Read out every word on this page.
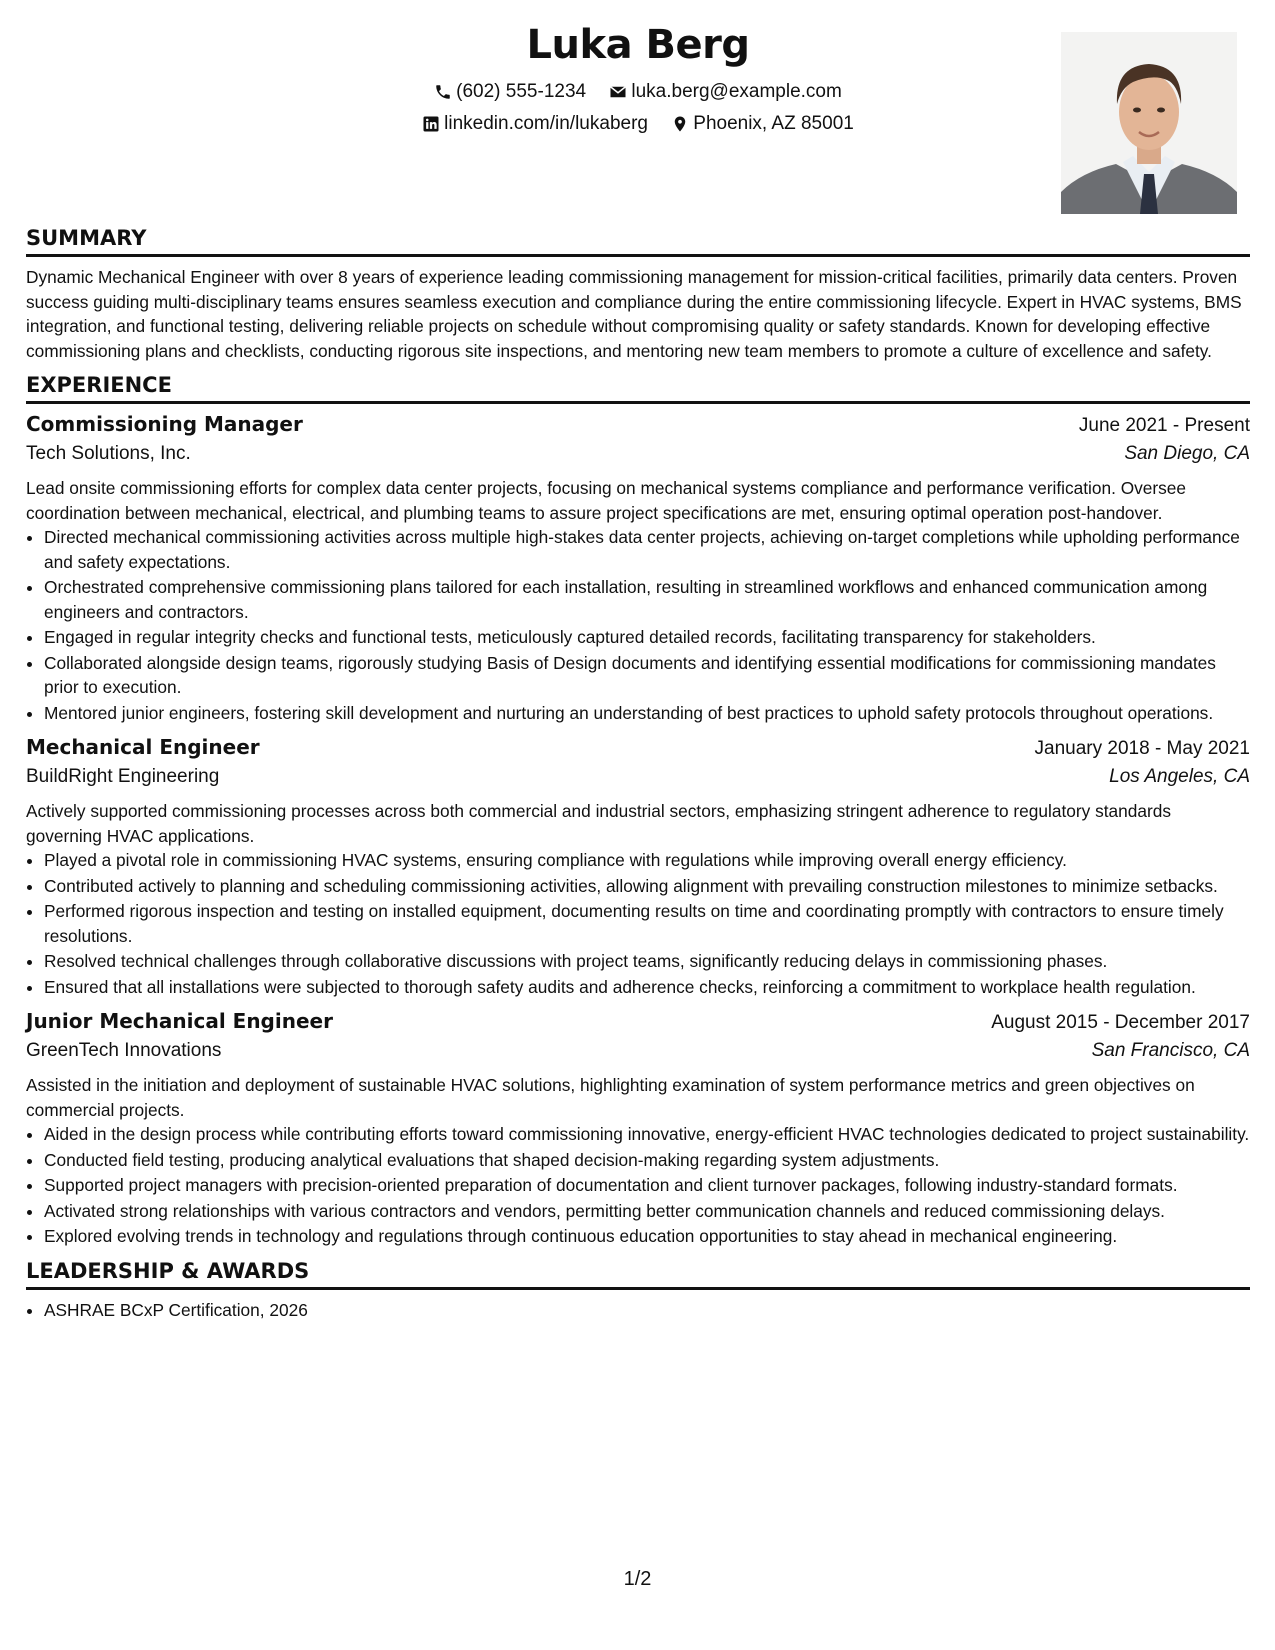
Luka Berg
(602) 555-1234
luka.berg@example.com
linkedin.com/in/lukaberg
Phoenix, AZ 85001
SUMMARY

Dynamic Mechanical Engineer with over 8 years of experience leading commissioning management for mission-critical facilities, primarily data centers. Proven success guiding multi-disciplinary teams ensures seamless execution and compliance during the entire commissioning lifecycle. Expert in HVAC systems, BMS integration, and functional testing, delivering reliable projects on schedule without compromising quality or safety standards. Known for developing effective commissioning plans and checklists, conducting rigorous site inspections, and mentoring new team members to promote a culture of excellence and safety.

EXPERIENCE
Commissioning Manager	June 2021 - Present
Tech Solutions, Inc.	San Diego, CA

Lead onsite commissioning efforts for complex data center projects, focusing on mechanical systems compliance and performance verification. Oversee coordination between mechanical, electrical, and plumbing teams to assure project specifications are met, ensuring optimal operation post-handover.

• Directed mechanical commissioning activities across multiple high-stakes data center projects, achieving on-target completions while upholding performance and safety expectations.
• Orchestrated comprehensive commissioning plans tailored for each installation, resulting in streamlined workflows and enhanced communication among engineers and contractors.
• Engaged in regular integrity checks and functional tests, meticulously captured detailed records, facilitating transparency for stakeholders.
• Collaborated alongside design teams, rigorously studying Basis of Design documents and identifying essential modifications for commissioning mandates prior to execution.
• Mentored junior engineers, fostering skill development and nurturing an understanding of best practices to uphold safety protocols throughout operations.
Mechanical Engineer	January 2018 - May 2021
BuildRight Engineering	Los Angeles, CA

Actively supported commissioning processes across both commercial and industrial sectors, emphasizing stringent adherence to regulatory standards governing HVAC applications.

• Played a pivotal role in commissioning HVAC systems, ensuring compliance with regulations while improving overall energy efficiency.
• Contributed actively to planning and scheduling commissioning activities, allowing alignment with prevailing construction milestones to minimize setbacks.
• Performed rigorous inspection and testing on installed equipment, documenting results on time and coordinating promptly with contractors to ensure timely resolutions.
• Resolved technical challenges through collaborative discussions with project teams, significantly reducing delays in commissioning phases.
• Ensured that all installations were subjected to thorough safety audits and adherence checks, reinforcing a commitment to workplace health regulation.
Junior Mechanical Engineer	August 2015 - December 2017
GreenTech Innovations	San Francisco, CA

Assisted in the initiation and deployment of sustainable HVAC solutions, highlighting examination of system performance metrics and green objectives on commercial projects.

• Aided in the design process while contributing efforts toward commissioning innovative, energy-efficient HVAC technologies dedicated to project sustainability.
• Conducted field testing, producing analytical evaluations that shaped decision-making regarding system adjustments.
• Supported project managers with precision-oriented preparation of documentation and client turnover packages, following industry-standard formats.
• Activated strong relationships with various contractors and vendors, permitting better communication channels and reduced commissioning delays.
• Explored evolving trends in technology and regulations through continuous education opportunities to stay ahead in mechanical engineering.
LEADERSHIP & AWARDS
• ASHRAE BCxP Certification, 2026
1/2
